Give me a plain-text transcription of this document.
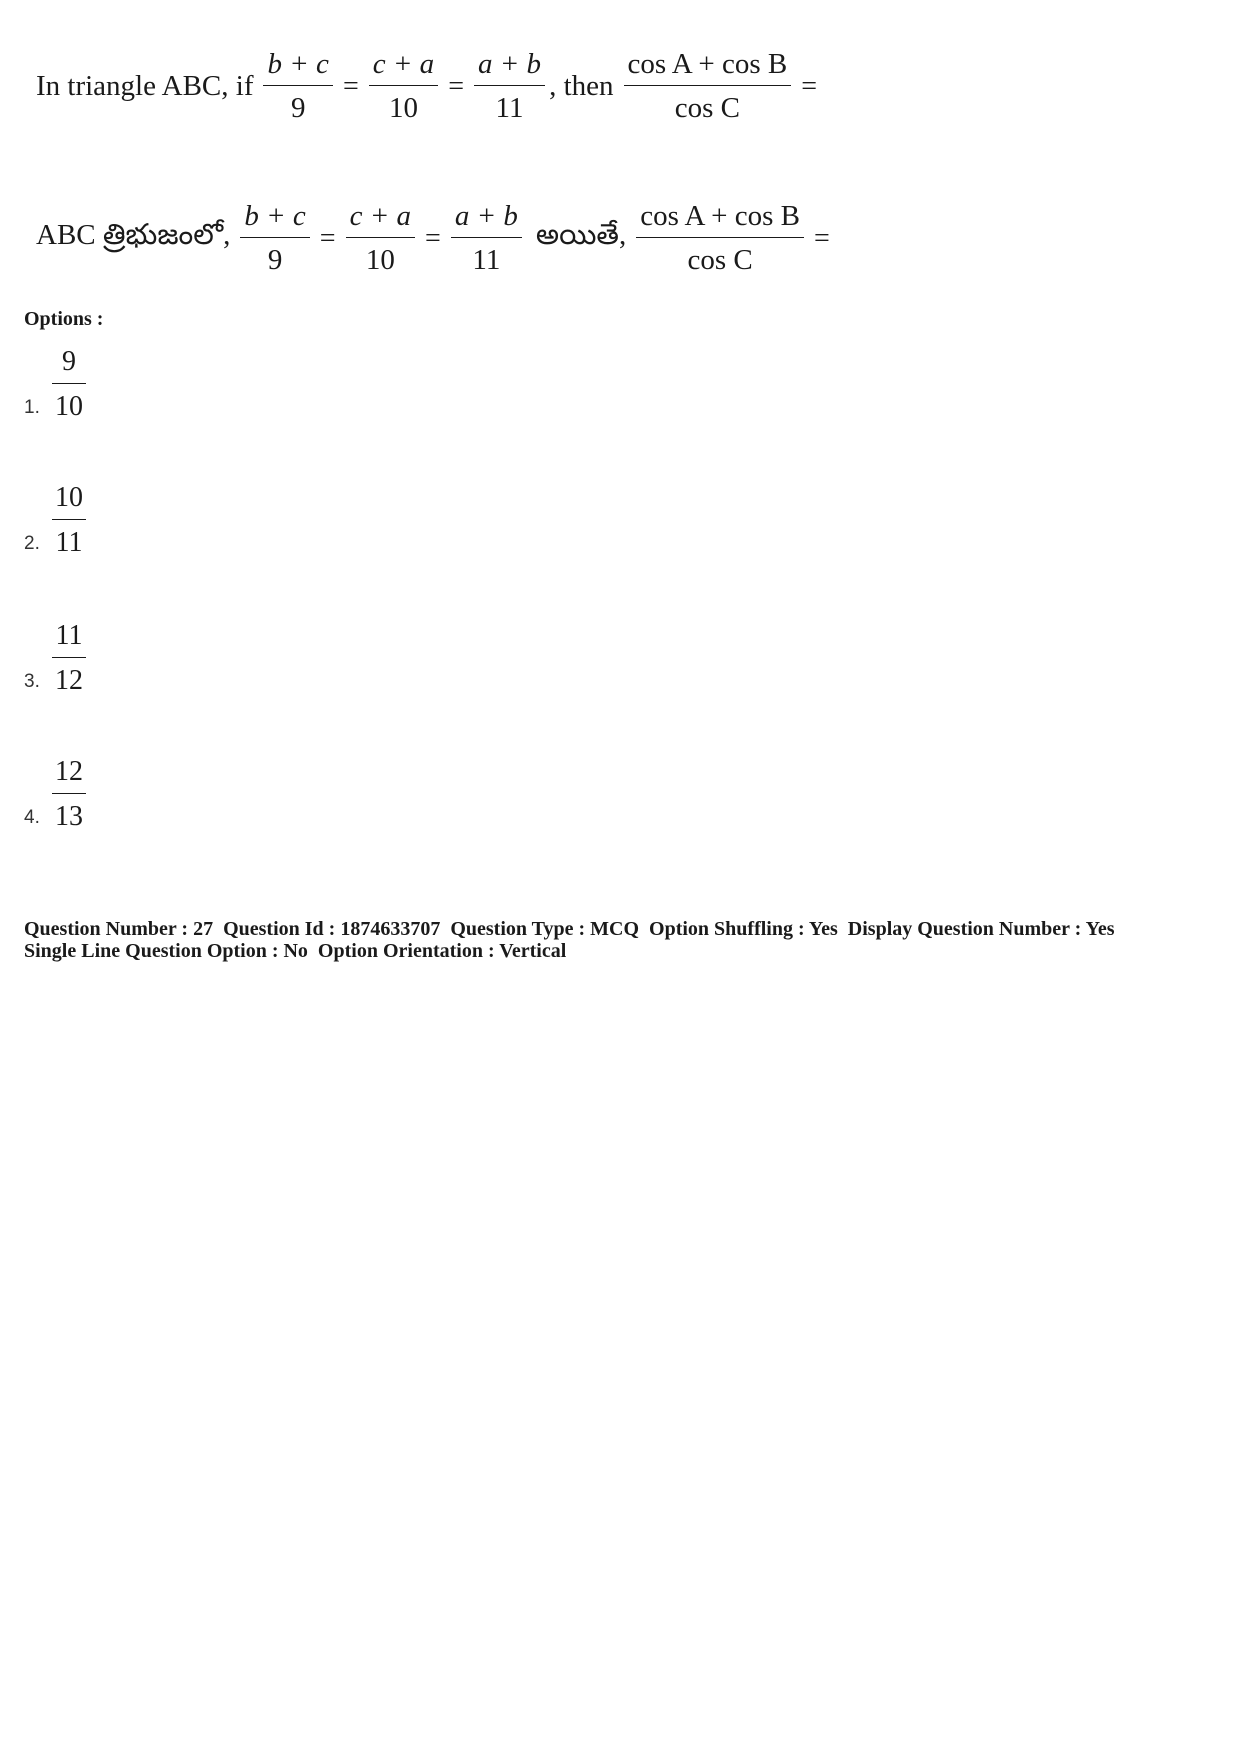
In triangle ABC, if $\frac{b + c}{9} = \frac{c + a}{10} = \frac{a + b}{11}$ , then $\frac{\text{cos A + cos B}}{\text{cos C}}$ =
ABC త్రిభుజంలో, $\frac{b + c}{9} = \frac{c + a}{10} = \frac{a + b}{11}$ అయితే, $\frac{\text{cos A + cos B}}{\text{cos C}}$ =
Options :
1. $\frac{9}{10}$
2. $\frac{10}{11}$
3. $\frac{11}{12}$
4. $\frac{12}{13}$
Question Number : 27  Question Id : 1874633707  Question Type : MCQ  Option Shuffling : Yes  Display Question Number : Yes
Single Line Question Option : No  Option Orientation : Vertical
